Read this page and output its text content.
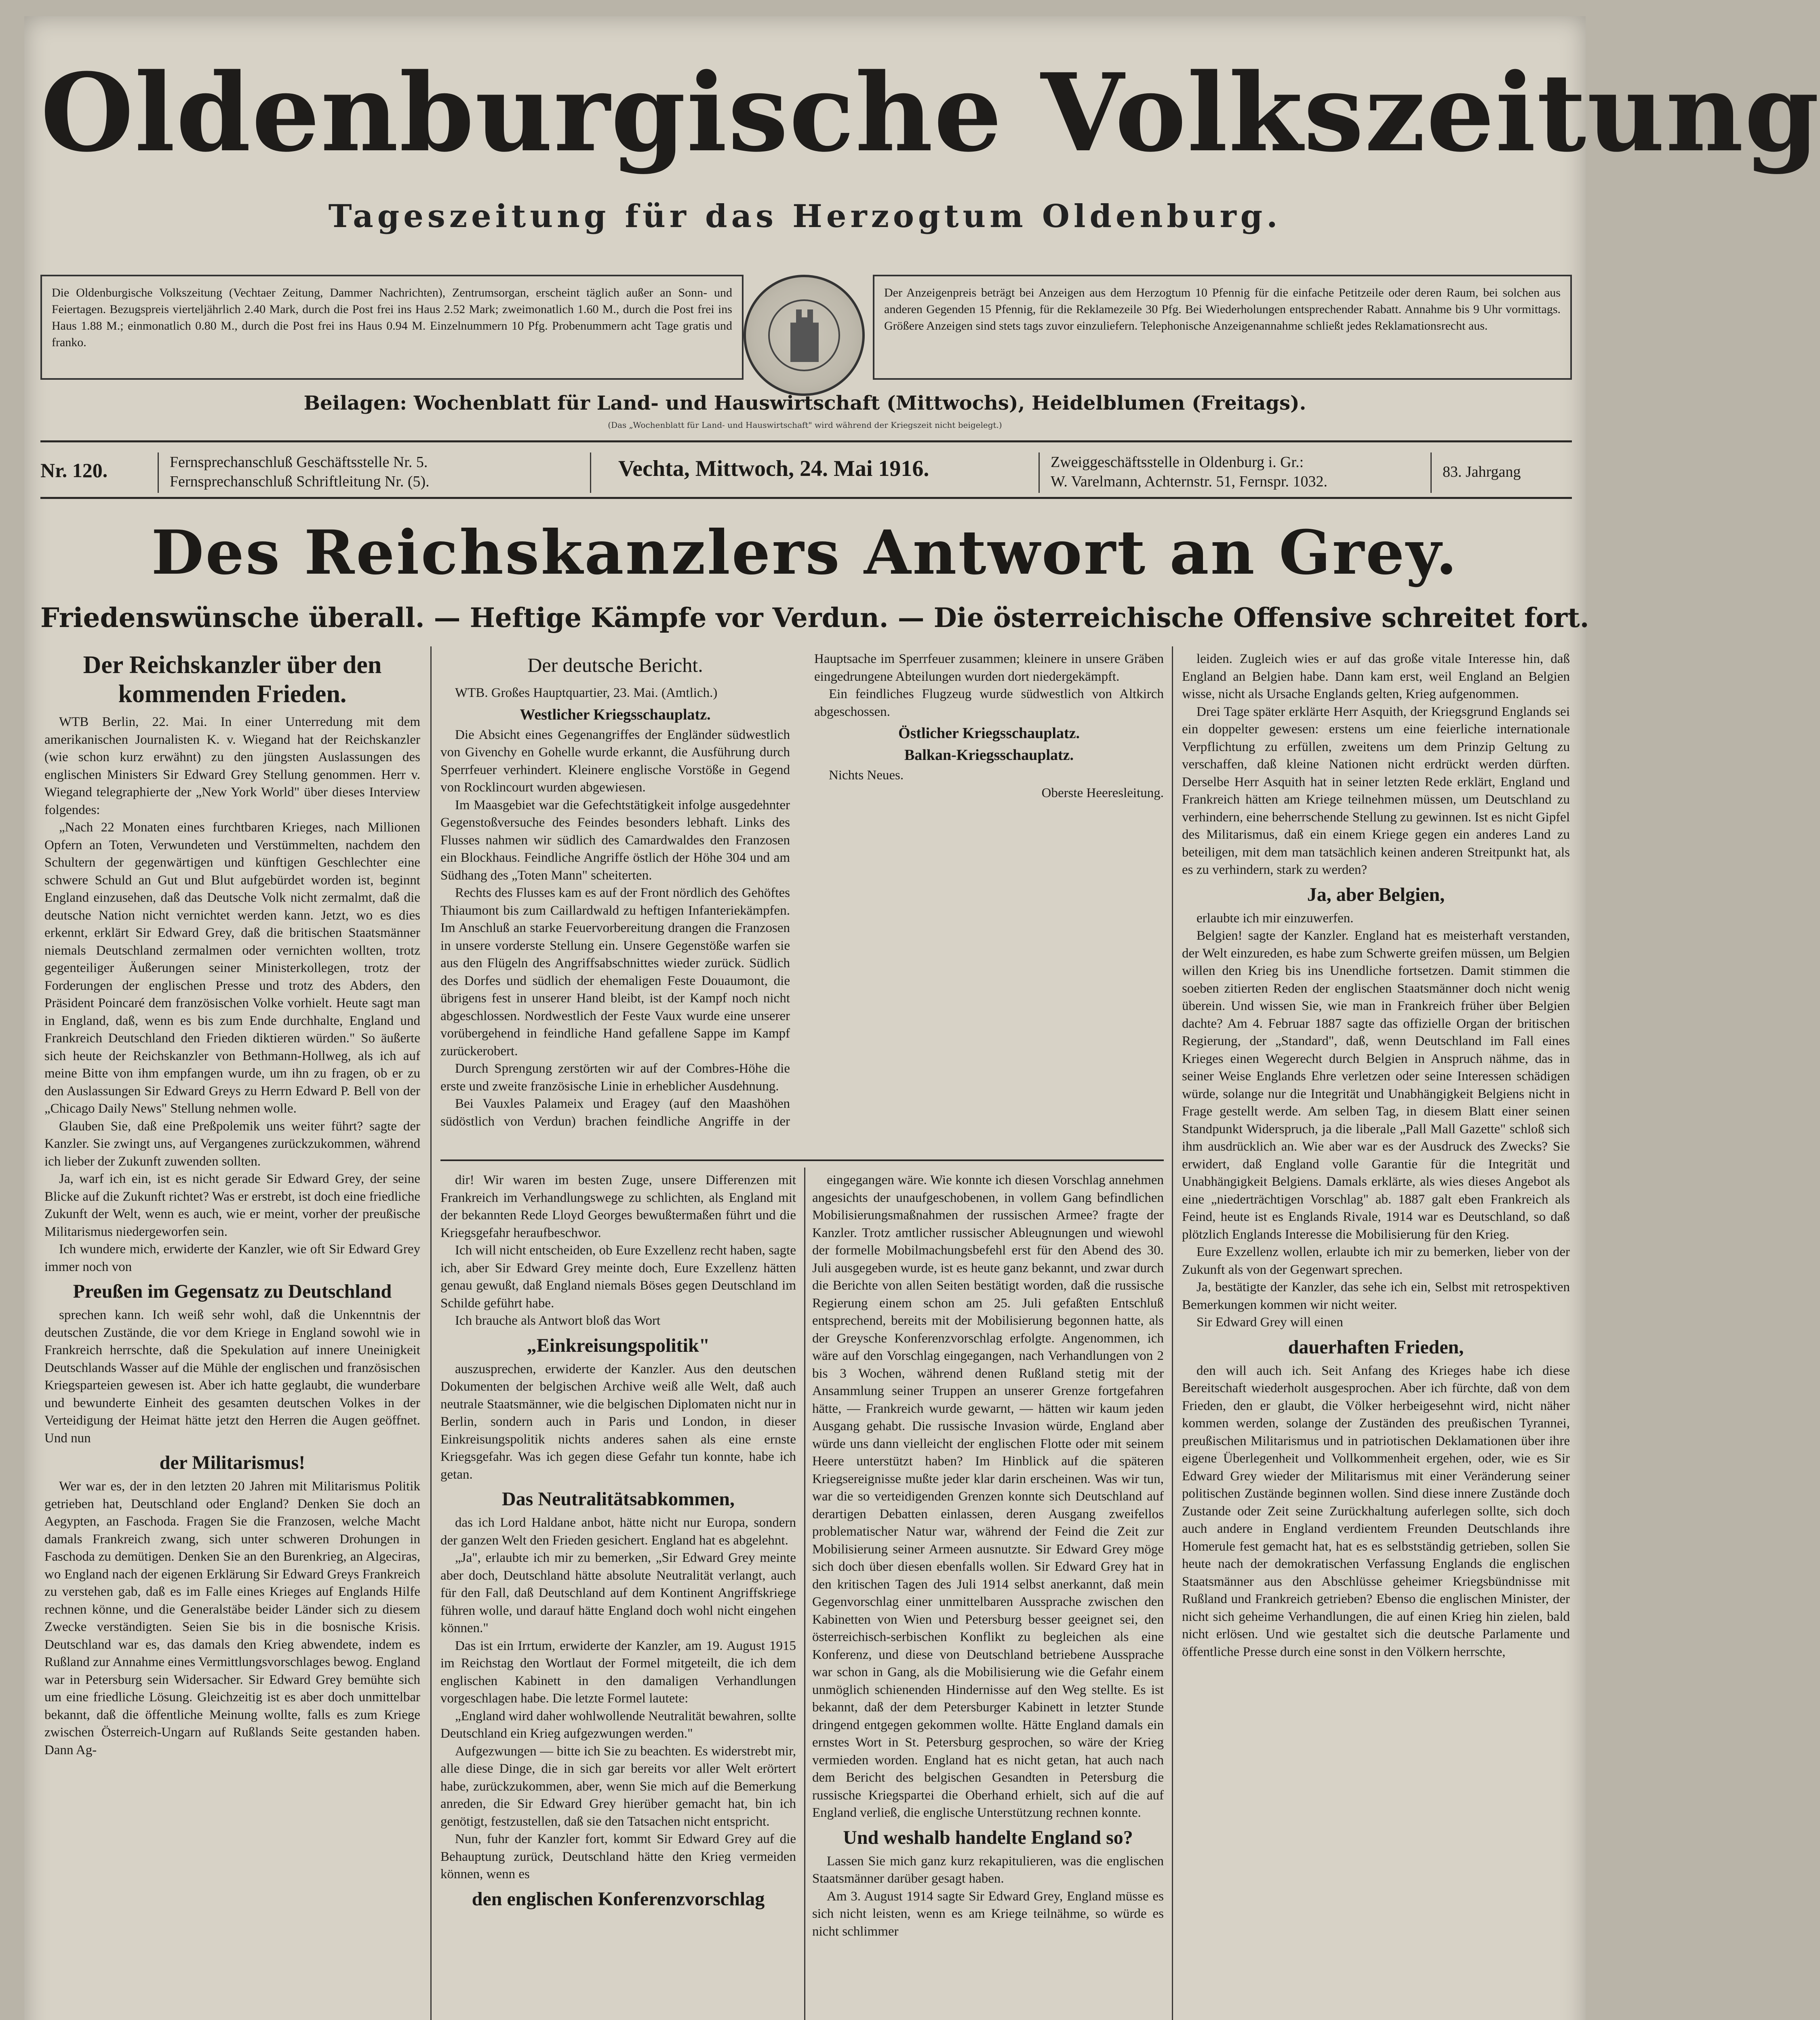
Oldenburgische Volkszeitung
Tageszeitung für das Herzogtum Oldenburg.
Die Oldenburgische Volkszeitung (Vechtaer Zeitung, Dammer Nachrichten), Zentrumsorgan, erscheint täglich außer an Sonn- und Feiertagen. Bezugspreis vierteljährlich 2.40 Mark, durch die Post frei ins Haus 2.52 Mark; zweimonatlich 1.60 M., durch die Post frei ins Haus 1.88 M.; einmonatlich 0.80 M., durch die Post frei ins Haus 0.94 M. Einzelnummern 10 Pfg. Probenummern acht Tage gratis und franko.
Der Anzeigenpreis beträgt bei Anzeigen aus dem Herzogtum 10 Pfennig für die einfache Petitzeile oder deren Raum, bei solchen aus anderen Gegenden 15 Pfennig, für die Reklamezeile 30 Pfg. Bei Wiederholungen entsprechender Rabatt. Annahme bis 9 Uhr vormittags. Größere Anzeigen sind stets tags zuvor einzuliefern. Telephonische Anzeigenannahme schließt jedes Reklamationsrecht aus.
Beilagen: Wochenblatt für Land- und Hauswirtschaft (Mittwochs), Heidelblumen (Freitags).
(Das „Wochenblatt für Land- und Hauswirtschaft" wird während der Kriegszeit nicht beigelegt.)
Nr. 120.	Fernsprechanschluß Geschäftsstelle Nr. 5.
Fernsprechanschluß Schriftleitung Nr. (5).
Vechta, Mittwoch, 24. Mai 1916.	Zweiggeschäftsstelle in Oldenburg i. Gr.:
W. Varelmann, Achternstr. 51, Fernspr. 1032.
83. Jahrgang
Des Reichskanzlers Antwort an Grey.
Friedenswünsche überall. — Heftige Kämpfe vor Verdun. — Die österreichische Offensive schreitet fort.
Der Reichskanzler über den kommenden Frieden.

WTB Berlin, 22. Mai. In einer Unterredung mit dem amerikanischen Journalisten K. v. Wiegand hat der Reichskanzler (wie schon kurz erwähnt) zu den jüngsten Auslassungen des englischen Ministers Sir Edward Grey Stellung genommen. Herr v. Wiegand telegraphierte der „New York World" über dieses Interview folgendes:

„Nach 22 Monaten eines furchtbaren Krieges, nach Millionen Opfern an Toten, Verwundeten und Verstümmelten, nachdem den Schultern der gegenwärtigen und künftigen Geschlechter eine schwere Schuld an Gut und Blut aufgebürdet worden ist, beginnt England einzusehen, daß das Deutsche Volk nicht zermalmt, daß die deutsche Nation nicht vernichtet werden kann. Jetzt, wo es dies erkennt, erklärt Sir Edward Grey, daß die britischen Staatsmänner niemals Deutschland zermalmen oder vernichten wollten, trotz gegenteiliger Äußerungen seiner Ministerkollegen, trotz der Forderungen der englischen Presse und trotz des Abders, den Präsident Poincaré dem französischen Volke vorhielt. Heute sagt man in England, daß, wenn es bis zum Ende durchhalte, England und Frankreich Deutschland den Frieden diktieren würden." So äußerte sich heute der Reichskanzler von Bethmann-Hollweg, als ich auf meine Bitte von ihm empfangen wurde, um ihn zu fragen, ob er zu den Auslassungen Sir Edward Greys zu Herrn Edward P. Bell von der „Chicago Daily News" Stellung nehmen wolle.

Glauben Sie, daß eine Preßpolemik uns weiter führt? sagte der Kanzler. Sie zwingt uns, auf Vergangenes zurückzukommen, während ich lieber der Zukunft zuwenden sollten.

Ja, warf ich ein, ist es nicht gerade Sir Edward Grey, der seine Blicke auf die Zukunft richtet? Was er erstrebt, ist doch eine friedliche Zukunft der Welt, wenn es auch, wie er meint, vorher der preußische Militarismus niedergeworfen sein.

Ich wundere mich, erwiderte der Kanzler, wie oft Sir Edward Grey immer noch von

Preußen im Gegensatz zu Deutschland

sprechen kann. Ich weiß sehr wohl, daß die Unkenntnis der deutschen Zustände, die vor dem Kriege in England sowohl wie in Frankreich herrschte, daß die Spekulation auf innere Uneinigkeit Deutschlands Wasser auf die Mühle der englischen und französischen Kriegsparteien gewesen ist. Aber ich hatte geglaubt, die wunderbare und bewunderte Einheit des gesamten deutschen Volkes in der Verteidigung der Heimat hätte jetzt den Herren die Augen geöffnet. Und nun

der Militarismus!

Wer war es, der in den letzten 20 Jahren mit Militarismus Politik getrieben hat, Deutschland oder England? Denken Sie doch an Aegypten, an Faschoda. Fragen Sie die Franzosen, welche Macht damals Frankreich zwang, sich unter schweren Drohungen in Faschoda zu demütigen. Denken Sie an den Burenkrieg, an Algeciras, wo England nach der eigenen Erklärung Sir Edward Greys Frankreich zu verstehen gab, daß es im Falle eines Krieges auf Englands Hilfe rechnen könne, und die Generalstäbe beider Länder sich zu diesem Zwecke verständigten. Seien Sie bis in die bosnische Krisis. Deutschland war es, das damals den Krieg abwendete, indem es Rußland zur Annahme eines Vermittlungsvorschlages bewog. England war in Petersburg sein Widersacher. Sir Edward Grey bemühte sich um eine friedliche Lösung. Gleichzeitig ist es aber doch unmittelbar bekannt, daß die öffentliche Meinung wollte, falls es zum Kriege zwischen Österreich-Ungarn auf Rußlands Seite gestanden haben. Dann Ag-

Der deutsche Bericht.

WTB. Großes Hauptquartier, 23. Mai. (Amtlich.)

Westlicher Kriegsschauplatz.

Die Absicht eines Gegenangriffes der Engländer südwestlich von Givenchy en Gohelle wurde erkannt, die Ausführung durch Sperrfeuer verhindert. Kleinere englische Vorstöße in Gegend von Rocklincourt wurden abgewiesen.

Im Maasgebiet war die Gefechtstätigkeit infolge ausgedehnter Gegenstoßversuche des Feindes besonders lebhaft. Links des Flusses nahmen wir südlich des Camardwaldes den Franzosen ein Blockhaus. Feindliche Angriffe östlich der Höhe 304 und am Südhang des „Toten Mann" scheiterten.

Rechts des Flusses kam es auf der Front nördlich des Gehöftes Thiaumont bis zum Caillardwald zu heftigen Infanteriekämpfen. Im Anschluß an starke Feuervorbereitung drangen die Franzosen in unsere vorderste Stellung ein. Unsere Gegenstöße warfen sie aus den Flügeln des Angriffsabschnittes wieder zurück. Südlich des Dorfes und südlich der ehemaligen Feste Douaumont, die übrigens fest in unserer Hand bleibt, ist der Kampf noch nicht abgeschlossen. Nordwestlich der Feste Vaux wurde eine unserer vorübergehend in feindliche Hand gefallene Sappe im Kampf zurückerobert.

Durch Sprengung zerstörten wir auf der Combres-Höhe die erste und zweite französische Linie in erheblicher Ausdehnung.

Bei Vauxles Palameix und Eragey (auf den Maashöhen südöstlich von Verdun) brachen feindliche Angriffe in der Hauptsache im Sperrfeuer zusammen; kleinere in unsere Gräben eingedrungene Abteilungen wurden dort niedergekämpft.

Ein feindliches Flugzeug wurde südwestlich von Altkirch abgeschossen.

Östlicher Kriegsschauplatz.
Balkan-Kriegsschauplatz.

Nichts Neues.

Oberste Heeresleitung.

dir! Wir waren im besten Zuge, unsere Differenzen mit Frankreich im Verhandlungswege zu schlichten, als England mit der bekannten Rede Lloyd Georges bewußtermaßen führt und die Kriegsgefahr heraufbeschwor.

Ich will nicht entscheiden, ob Eure Exzellenz recht haben, sagte ich, aber Sir Edward Grey meinte doch, Eure Exzellenz hätten genau gewußt, daß England niemals Böses gegen Deutschland im Schilde geführt habe.

Ich brauche als Antwort bloß das Wort

„Einkreisungspolitik"

auszusprechen, erwiderte der Kanzler. Aus den deutschen Dokumenten der belgischen Archive weiß alle Welt, daß auch neutrale Staatsmänner, wie die belgischen Diplomaten nicht nur in Berlin, sondern auch in Paris und London, in dieser Einkreisungspolitik nichts anderes sahen als eine ernste Kriegsgefahr. Was ich gegen diese Gefahr tun konnte, habe ich getan.

Das Neutralitätsabkommen,

das ich Lord Haldane anbot, hätte nicht nur Europa, sondern der ganzen Welt den Frieden gesichert. England hat es abgelehnt.

„Ja", erlaubte ich mir zu bemerken, „Sir Edward Grey meinte aber doch, Deutschland hätte absolute Neutralität verlangt, auch für den Fall, daß Deutschland auf dem Kontinent Angriffskriege führen wolle, und darauf hätte England doch wohl nicht eingehen können."

Das ist ein Irrtum, erwiderte der Kanzler, am 19. August 1915 im Reichstag den Wortlaut der Formel mitgeteilt, die ich dem englischen Kabinett in den damaligen Verhandlungen vorgeschlagen habe. Die letzte Formel lautete:

„England wird daher wohlwollende Neutralität bewahren, sollte Deutschland ein Krieg aufgezwungen werden."

Aufgezwungen — bitte ich Sie zu beachten. Es widerstrebt mir, alle diese Dinge, die in sich gar bereits vor aller Welt erörtert habe, zurückzukommen, aber, wenn Sie mich auf die Bemerkung anreden, die Sir Edward Grey hierüber gemacht hat, bin ich genötigt, festzustellen, daß sie den Tatsachen nicht entspricht.

Nun, fuhr der Kanzler fort, kommt Sir Edward Grey auf die Behauptung zurück, Deutschland hätte den Krieg vermeiden können, wenn es

den englischen Konferenzvorschlag

eingegangen wäre. Wie konnte ich diesen Vorschlag annehmen angesichts der unaufgeschobenen, in vollem Gang befindlichen Mobilisierungsmaßnahmen der russischen Armee? fragte der Kanzler. Trotz amtlicher russischer Ableugnungen und wiewohl der formelle Mobilmachungsbefehl erst für den Abend des 30. Juli ausgegeben wurde, ist es heute ganz bekannt, und zwar durch die Berichte von allen Seiten bestätigt worden, daß die russische Regierung einem schon am 25. Juli gefaßten Entschluß entsprechend, bereits mit der Mobilisierung begonnen hatte, als der Greysche Konferenzvorschlag erfolgte. Angenommen, ich wäre auf den Vorschlag eingegangen, nach Verhandlungen von 2 bis 3 Wochen, während denen Rußland stetig mit der Ansammlung seiner Truppen an unserer Grenze fortgefahren hätte, — Frankreich wurde gewarnt, — hätten wir kaum jeden Ausgang gehabt. Die russische Invasion würde, England aber würde uns dann vielleicht der englischen Flotte oder mit seinem Heere unterstützt haben? Im Hinblick auf die späteren Kriegsereignisse mußte jeder klar darin erscheinen. Was wir tun, war die so verteidigenden Grenzen konnte sich Deutschland auf derartigen Debatten einlassen, deren Ausgang zweifellos problematischer Natur war, während der Feind die Zeit zur Mobilisierung seiner Armeen ausnutzte. Sir Edward Grey möge sich doch über diesen ebenfalls wollen. Sir Edward Grey hat in den kritischen Tagen des Juli 1914 selbst anerkannt, daß mein Gegenvorschlag einer unmittelbaren Aussprache zwischen den Kabinetten von Wien und Petersburg besser geeignet sei, den österreichisch-serbischen Konflikt zu begleichen als eine Konferenz, und diese von Deutschland betriebene Aussprache war schon in Gang, als die Mobilisierung wie die Gefahr einem unmöglich schienenden Hindernisse auf den Weg stellte. Es ist bekannt, daß der dem Petersburger Kabinett in letzter Stunde dringend entgegen gekommen wollte. Hätte England damals ein ernstes Wort in St. Petersburg gesprochen, so wäre der Krieg vermieden worden. England hat es nicht getan, hat auch nach dem Bericht des belgischen Gesandten in Petersburg die russische Kriegspartei die Oberhand erhielt, sich auf die auf England verließ, die englische Unterstützung rechnen konnte.

Und weshalb handelte England so?

Lassen Sie mich ganz kurz rekapitulieren, was die englischen Staatsmänner darüber gesagt haben.

Am 3. August 1914 sagte Sir Edward Grey, England müsse es sich nicht leisten, wenn es am Kriege teilnähme, so würde es nicht schlimmer

leiden. Zugleich wies er auf das große vitale Interesse hin, daß England an Belgien habe. Dann kam erst, weil England an Belgien wisse, nicht als Ursache Englands gelten, Krieg aufgenommen.

Drei Tage später erklärte Herr Asquith, der Kriegsgrund Englands sei ein doppelter gewesen: erstens um eine feierliche internationale Verpflichtung zu erfüllen, zweitens um dem Prinzip Geltung zu verschaffen, daß kleine Nationen nicht erdrückt werden dürften. Derselbe Herr Asquith hat in seiner letzten Rede erklärt, England und Frankreich hätten am Kriege teilnehmen müssen, um Deutschland zu verhindern, eine beherrschende Stellung zu gewinnen. Ist es nicht Gipfel des Militarismus, daß ein einem Kriege gegen ein anderes Land zu beteiligen, mit dem man tatsächlich keinen anderen Streitpunkt hat, als es zu verhindern, stark zu werden?

Ja, aber Belgien,

erlaubte ich mir einzuwerfen.

Belgien! sagte der Kanzler. England hat es meisterhaft verstanden, der Welt einzureden, es habe zum Schwerte greifen müssen, um Belgien willen den Krieg bis ins Unendliche fortsetzen. Damit stimmen die soeben zitierten Reden der englischen Staatsmänner doch nicht wenig überein. Und wissen Sie, wie man in Frankreich früher über Belgien dachte? Am 4. Februar 1887 sagte das offizielle Organ der britischen Regierung, der „Standard", daß, wenn Deutschland im Fall eines Krieges einen Wegerecht durch Belgien in Anspruch nähme, das in seiner Weise Englands Ehre verletzen oder seine Interessen schädigen würde, solange nur die Integrität und Unabhängigkeit Belgiens nicht in Frage gestellt werde. Am selben Tag, in diesem Blatt einer seinen Standpunkt Widerspruch, ja die liberale „Pall Mall Gazette" schloß sich ihm ausdrücklich an. Wie aber war es der Ausdruck des Zwecks? Sie erwidert, daß England volle Garantie für die Integrität und Unabhängigkeit Belgiens. Damals erklärte, als wies dieses Angebot als eine „niederträchtigen Vorschlag" ab. 1887 galt eben Frankreich als Feind, heute ist es Englands Rivale, 1914 war es Deutschland, so daß plötzlich Englands Interesse die Mobilisierung für den Krieg.

Eure Exzellenz wollen, erlaubte ich mir zu bemerken, lieber von der Zukunft als von der Gegenwart sprechen.

Ja, bestätigte der Kanzler, das sehe ich ein, Selbst mit retrospektiven Bemerkungen kommen wir nicht weiter.

Sir Edward Grey will einen

dauerhaften Frieden,

den will auch ich. Seit Anfang des Krieges habe ich diese Bereitschaft wiederholt ausgesprochen. Aber ich fürchte, daß von dem Frieden, den er glaubt, die Völker herbeigesehnt wird, nicht näher kommen werden, solange der Zuständen des preußischen Tyrannei, preußischen Militarismus und in patriotischen Deklamationen über ihre eigene Überlegenheit und Vollkommenheit ergehen, oder, wie es Sir Edward Grey wieder der Militarismus mit einer Veränderung seiner politischen Zustände beginnen wollen. Sind diese innere Zustände doch Zustande oder Zeit seine Zurückhaltung auferlegen sollte, sich doch auch andere in England verdientem Freunden Deutschlands ihre Homerule fest gemacht hat, hat es es selbstständig getrieben, sollen Sie heute nach der demokratischen Verfassung Englands die englischen Staatsmänner aus den Abschlüsse geheimer Kriegsbündnisse mit Rußland und Frankreich getrieben? Ebenso die englischen Minister, der nicht sich geheime Verhandlungen, die auf einen Krieg hin zielen, bald nicht erlösen. Und wie gestaltet sich die deutsche Parlamente und öffentliche Presse durch eine sonst in den Völkern herrschte,
